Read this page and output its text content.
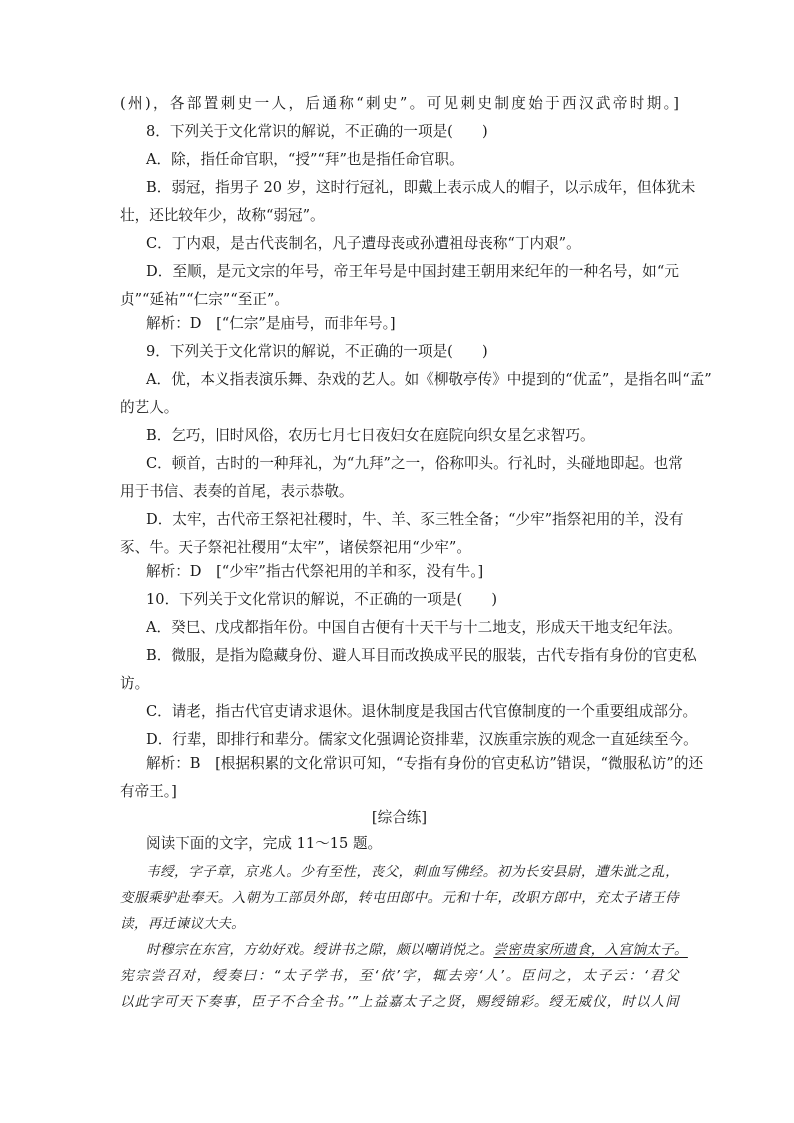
(州)，各部置刺史一人，后通称“刺史”。可见刺史制度始于西汉武帝时期。]
8．下列关于文化常识的解说，不正确的一项是(　　)
A．除，指任命官职，“授”“拜”也是指任命官职。
B．弱冠，指男子 20 岁，这时行冠礼，即戴上表示成人的帽子，以示成年，但体犹未
壮，还比较年少，故称“弱冠”。
C．丁内艰，是古代丧制名，凡子遭母丧或孙遭祖母丧称“丁内艰”。
D．至顺，是元文宗的年号，帝王年号是中国封建王朝用来纪年的一种名号，如“元
贞”“延祐”“仁宗”“至正”。
解析：D　[“仁宗”是庙号，而非年号。]
9．下列关于文化常识的解说，不正确的一项是(　　)
A．优，本义指表演乐舞、杂戏的艺人。如《柳敬亭传》中提到的“优孟”，是指名叫“孟”
的艺人。
B．乞巧，旧时风俗，农历七月七日夜妇女在庭院向织女星乞求智巧。
C．顿首，古时的一种拜礼，为“九拜”之一，俗称叩头。行礼时，头碰地即起。也常
用于书信、表奏的首尾，表示恭敬。
D．太牢，古代帝王祭祀社稷时，牛、羊、豕三牲全备；“少牢”指祭祀用的羊，没有
豕、牛。天子祭祀社稷用“太牢”，诸侯祭祀用“少牢”。
解析：D　[“少牢”指古代祭祀用的羊和豕，没有牛。]
10．下列关于文化常识的解说，不正确的一项是(　　)
A．癸巳、戊戌都指年份。中国自古便有十天干与十二地支，形成天干地支纪年法。
B．微服，是指为隐藏身份、避人耳目而改换成平民的服装，古代专指有身份的官吏私
访。
C．请老，指古代官吏请求退休。退休制度是我国古代官僚制度的一个重要组成部分。
D．行辈，即排行和辈分。儒家文化强调论资排辈，汉族重宗族的观念一直延续至今。
解析：B　[根据积累的文化常识可知，“专指有身份的官吏私访”错误，“微服私访”的还
有帝王。]
[综合练]
阅读下面的文字，完成 11～15 题。
韦绶，字子章，京兆人。少有至性，丧父，刺血写佛经。初为长安县尉，遭朱泚之乱，
变服乘驴赴奉天。入朝为工部员外郎，转屯田郎中。元和十年，改职方郎中，充太子诸王侍
读，再迁谏议大夫。
时穆宗在东宫，方幼好戏。绶讲书之隙，颇以嘲诮悦之。尝密贵家所遗食，入宫饷太子。
宪宗尝召对，绶奏曰：“太子学书，至‘依’字，辄去旁‘人’。臣问之，太子云：‘君父
以此字可天下奏事，臣子不合全书。’”上益嘉太子之贤，赐绶锦彩。绶无威仪，时以人间
